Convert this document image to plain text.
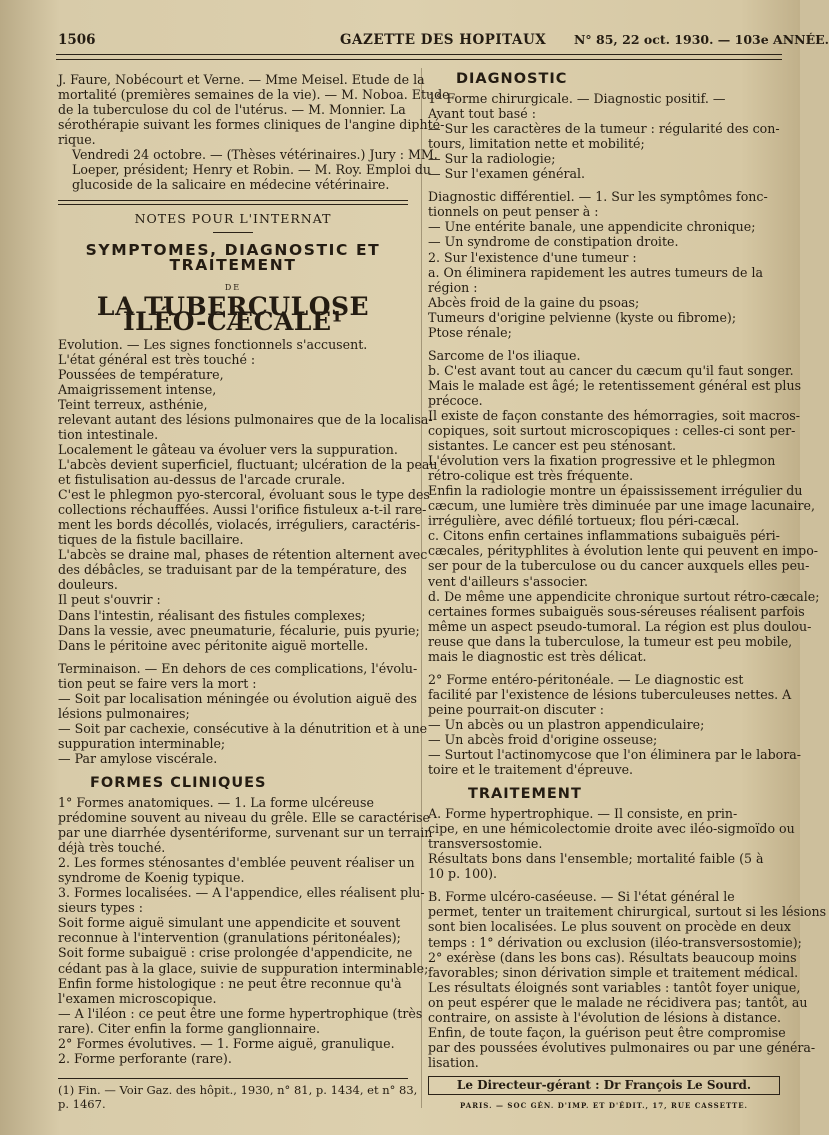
1506	GAZETTE DES HOPITAUX N° 85, 22 oct. 1930. — 103e ANNÉE.
J. Faure, Nobécourt et Verne. — Mme Meisel. Etude de la
mortalité (premières semaines de la vie). — M. Noboa. Etude
de la tuberculose du col de l'utérus. — M. Monnier. La
sérothérapie suivant les formes cliniques de l'angine diphté-
rique.
Vendredi 24 octobre. — (Thèses vétérinaires.) Jury : MM.
Loeper, président; Henry et Robin. — M. Roy. Emploi du
glucoside de la salicaire en médecine vétérinaire.
NOTES POUR L'INTERNAT
SYMPTOMES, DIAGNOSTIC ET TRAITEMENT
DE
LA TUBERCULOSE ILÉO-CÆCALE¹
Evolution. — Les signes fonctionnels s'accusent.
L'état général est très touché :
Poussées de température,
Amaigrissement intense,
Teint terreux, asthénie,
relevant autant des lésions pulmonaires que de la localisa-
tion intestinale.
Localement le gâteau va évoluer vers la suppuration.
L'abcès devient superficiel, fluctuant; ulcération de la peau
et fistulisation au-dessus de l'arcade crurale.
C'est le phlegmon pyo-stercoral, évoluant sous le type des
collections réchauffées. Aussi l'orifice fistuleux a-t-il rare-
ment les bords décollés, violacés, irréguliers, caractéris-
tiques de la fistule bacillaire.
L'abcès se draine mal, phases de rétention alternent avec
des débâcles, se traduisant par de la température, des
douleurs.
Il peut s'ouvrir :
Dans l'intestin, réalisant des fistules complexes;
Dans la vessie, avec pneumaturie, fécalurie, puis pyurie;
Dans le péritoine avec péritonite aiguë mortelle.
Terminaison. — En dehors de ces complications, l'évolu-
tion peut se faire vers la mort :
— Soit par localisation méningée ou évolution aiguë des
lésions pulmonaires;
— Soit par cachexie, consécutive à la dénutrition et à une
suppuration interminable;
— Par amylose viscérale.
FORMES CLINIQUES
1° Formes anatomiques. — 1. La forme ulcéreuse
prédomine souvent au niveau du grêle. Elle se caractérise
par une diarrhée dysentériforme, survenant sur un terrain
déjà très touché.
2. Les formes sténosantes d'emblée peuvent réaliser un
syndrome de Koenig typique.
3. Formes localisées. — A l'appendice, elles réalisent plu-
sieurs types :
Soit forme aiguë simulant une appendicite et souvent
reconnue à l'intervention (granulations péritonéales);
Soit forme subaiguë : crise prolongée d'appendicite, ne
cédant pas à la glace, suivie de suppuration interminable;
Enfin forme histologique : ne peut être reconnue qu'à
l'examen microscopique.
— A l'iléon : ce peut être une forme hypertrophique (très
rare). Citer enfin la forme ganglionnaire.
2° Formes évolutives. — 1. Forme aiguë, granulique.
2. Forme perforante (rare).
(1) Fin. — Voir Gaz. des hôpit., 1930, n° 81, p. 1434, et n° 83,
p. 1467.
DIAGNOSTIC
1° Forme chirurgicale. — Diagnostic positif. —
Avant tout basé :
— Sur les caractères de la tumeur : régularité des con-
tours, limitation nette et mobilité;
— Sur la radiologie;
— Sur l'examen général.
Diagnostic différentiel. — 1. Sur les symptômes fonc-
tionnels on peut penser à :
— Une entérite banale, une appendicite chronique;
— Un syndrome de constipation droite.
2. Sur l'existence d'une tumeur :
a. On éliminera rapidement les autres tumeurs de la
région :
Abcès froid de la gaine du psoas;
Tumeurs d'origine pelvienne (kyste ou fibrome);
Ptose rénale;
Sarcome de l'os iliaque.
b. C'est avant tout au cancer du cæcum qu'il faut songer.
Mais le malade est âgé; le retentissement général est plus
précoce.
Il existe de façon constante des hémorragies, soit macros-
copiques, soit surtout microscopiques : celles-ci sont per-
sistantes. Le cancer est peu sténosant.
L'évolution vers la fixation progressive et le phlegmon
rétro-colique est très fréquente.
Enfin la radiologie montre un épaississement irrégulier du
cæcum, une lumière très diminuée par une image lacunaire,
irrégulière, avec défilé tortueux; flou péri-cæcal.
c. Citons enfin certaines inflammations subaiguës péri-
cæcales, pérityphlites à évolution lente qui peuvent en impo-
ser pour de la tuberculose ou du cancer auxquels elles peu-
vent d'ailleurs s'associer.
d. De même une appendicite chronique surtout rétro-cæcale;
certaines formes subaiguës sous-séreuses réalisent parfois
même un aspect pseudo-tumoral. La région est plus doulou-
reuse que dans la tuberculose, la tumeur est peu mobile,
mais le diagnostic est très délicat.
2° Forme entéro-péritonéale. — Le diagnostic est
facilité par l'existence de lésions tuberculeuses nettes. A
peine pourrait-on discuter :
— Un abcès ou un plastron appendiculaire;
— Un abcès froid d'origine osseuse;
— Surtout l'actinomycose que l'on éliminera par le labora-
toire et le traitement d'épreuve.
TRAITEMENT
A. Forme hypertrophique. — Il consiste, en prin-
cipe, en une hémicolectomie droite avec iléo-sigmoïdo ou
transversostomie.
Résultats bons dans l'ensemble; mortalité faible (5 à
10 p. 100).
B. Forme ulcéro-caséeuse. — Si l'état général le
permet, tenter un traitement chirurgical, surtout si les lésions
sont bien localisées. Le plus souvent on procède en deux
temps : 1° dérivation ou exclusion (iléo-transversostomie);
2° exérèse (dans les bons cas). Résultats beaucoup moins
favorables; sinon dérivation simple et traitement médical.
Les résultats éloignés sont variables : tantôt foyer unique,
on peut espérer que le malade ne récidivera pas; tantôt, au
contraire, on assiste à l'évolution de lésions à distance.
Enfin, de toute façon, la guérison peut être compromise
par des poussées évolutives pulmonaires ou par une généra-
lisation.
Le Directeur-gérant : Dr François Le Sourd.
PARIS. — SOC GÉN. D'IMP. ET D'ÉDIT., 17, RUE CASSETTE.
